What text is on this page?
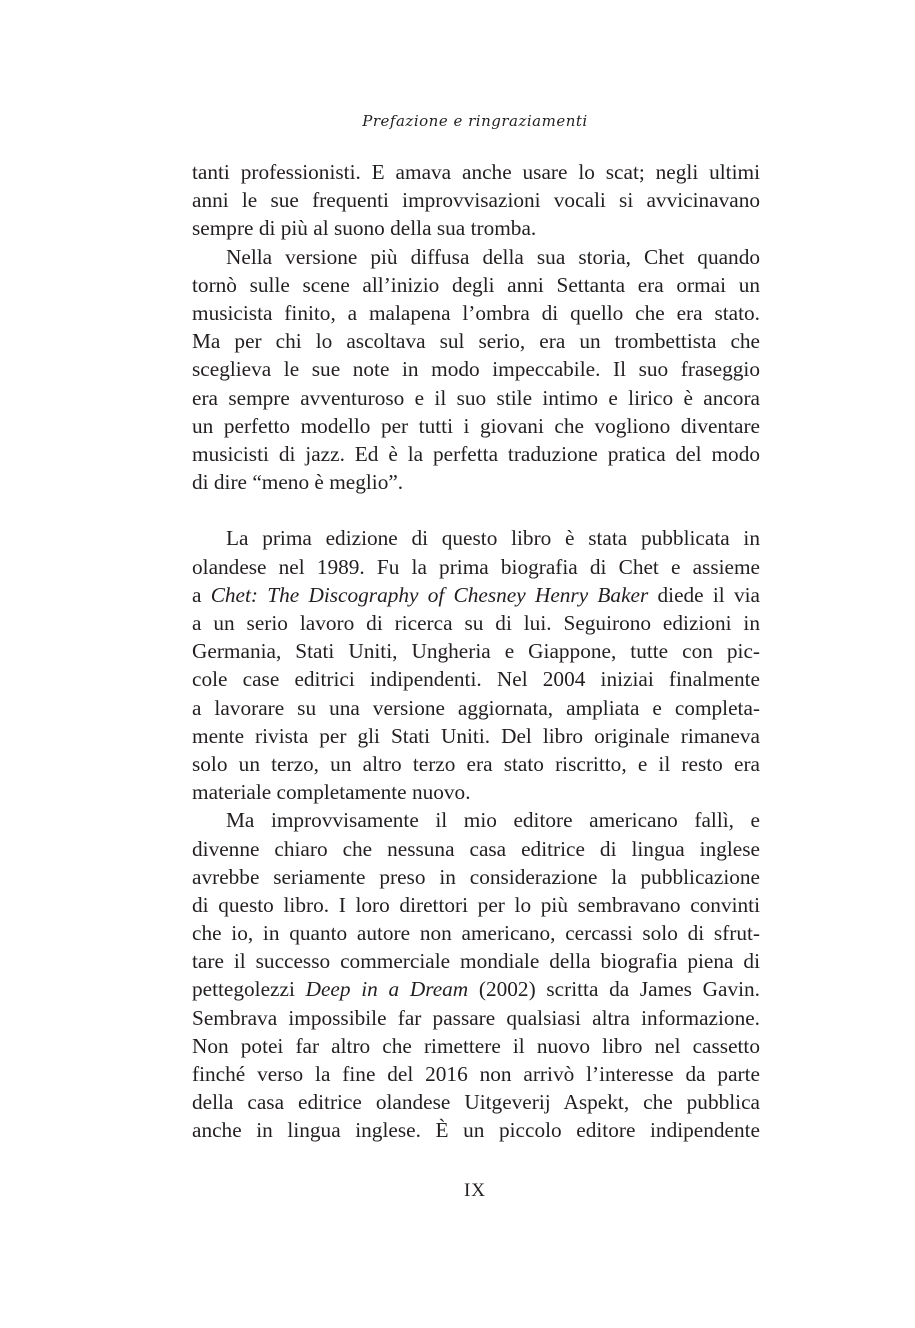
Prefazione e ringraziamenti
tanti professionisti. E amava anche usare lo scat; negli ultimi
anni le sue frequenti improvvisazioni vocali si avvicinavano
sempre di più al suono della sua tromba.
Nella versione più diffusa della sua storia, Chet quando
tornò sulle scene all’inizio degli anni Settanta era ormai un
musicista finito, a malapena l’ombra di quello che era stato.
Ma per chi lo ascoltava sul serio, era un trombettista che
sceglieva le sue note in modo impeccabile. Il suo fraseggio
era sempre avventuroso e il suo stile intimo e lirico è ancora
un perfetto modello per tutti i giovani che vogliono diventare
musicisti di jazz. Ed è la perfetta traduzione pratica del modo
di dire “meno è meglio”.
La prima edizione di questo libro è stata pubblicata in
olandese nel 1989. Fu la prima biografia di Chet e assieme
a Chet: The Discography of Chesney Henry Baker diede il via
a un serio lavoro di ricerca su di lui. Seguirono edizioni in
Germania, Stati Uniti, Ungheria e Giappone, tutte con pic-
cole case editrici indipendenti. Nel 2004 iniziai finalmente
a lavorare su una versione aggiornata, ampliata e completa-
mente rivista per gli Stati Uniti. Del libro originale rimaneva
solo un terzo, un altro terzo era stato riscritto, e il resto era
materiale completamente nuovo.
Ma improvvisamente il mio editore americano fallì, e
divenne chiaro che nessuna casa editrice di lingua inglese
avrebbe seriamente preso in considerazione la pubblicazione
di questo libro. I loro direttori per lo più sembravano convinti
che io, in quanto autore non americano, cercassi solo di sfrut-
tare il successo commerciale mondiale della biografia piena di
pettegolezzi Deep in a Dream (2002) scritta da James Gavin.
Sembrava impossibile far passare qualsiasi altra informazione.
Non potei far altro che rimettere il nuovo libro nel cassetto
finché verso la fine del 2016 non arrivò l’interesse da parte
della casa editrice olandese Uitgeverij Aspekt, che pubblica
anche in lingua inglese. È un piccolo editore indipendente
IX
